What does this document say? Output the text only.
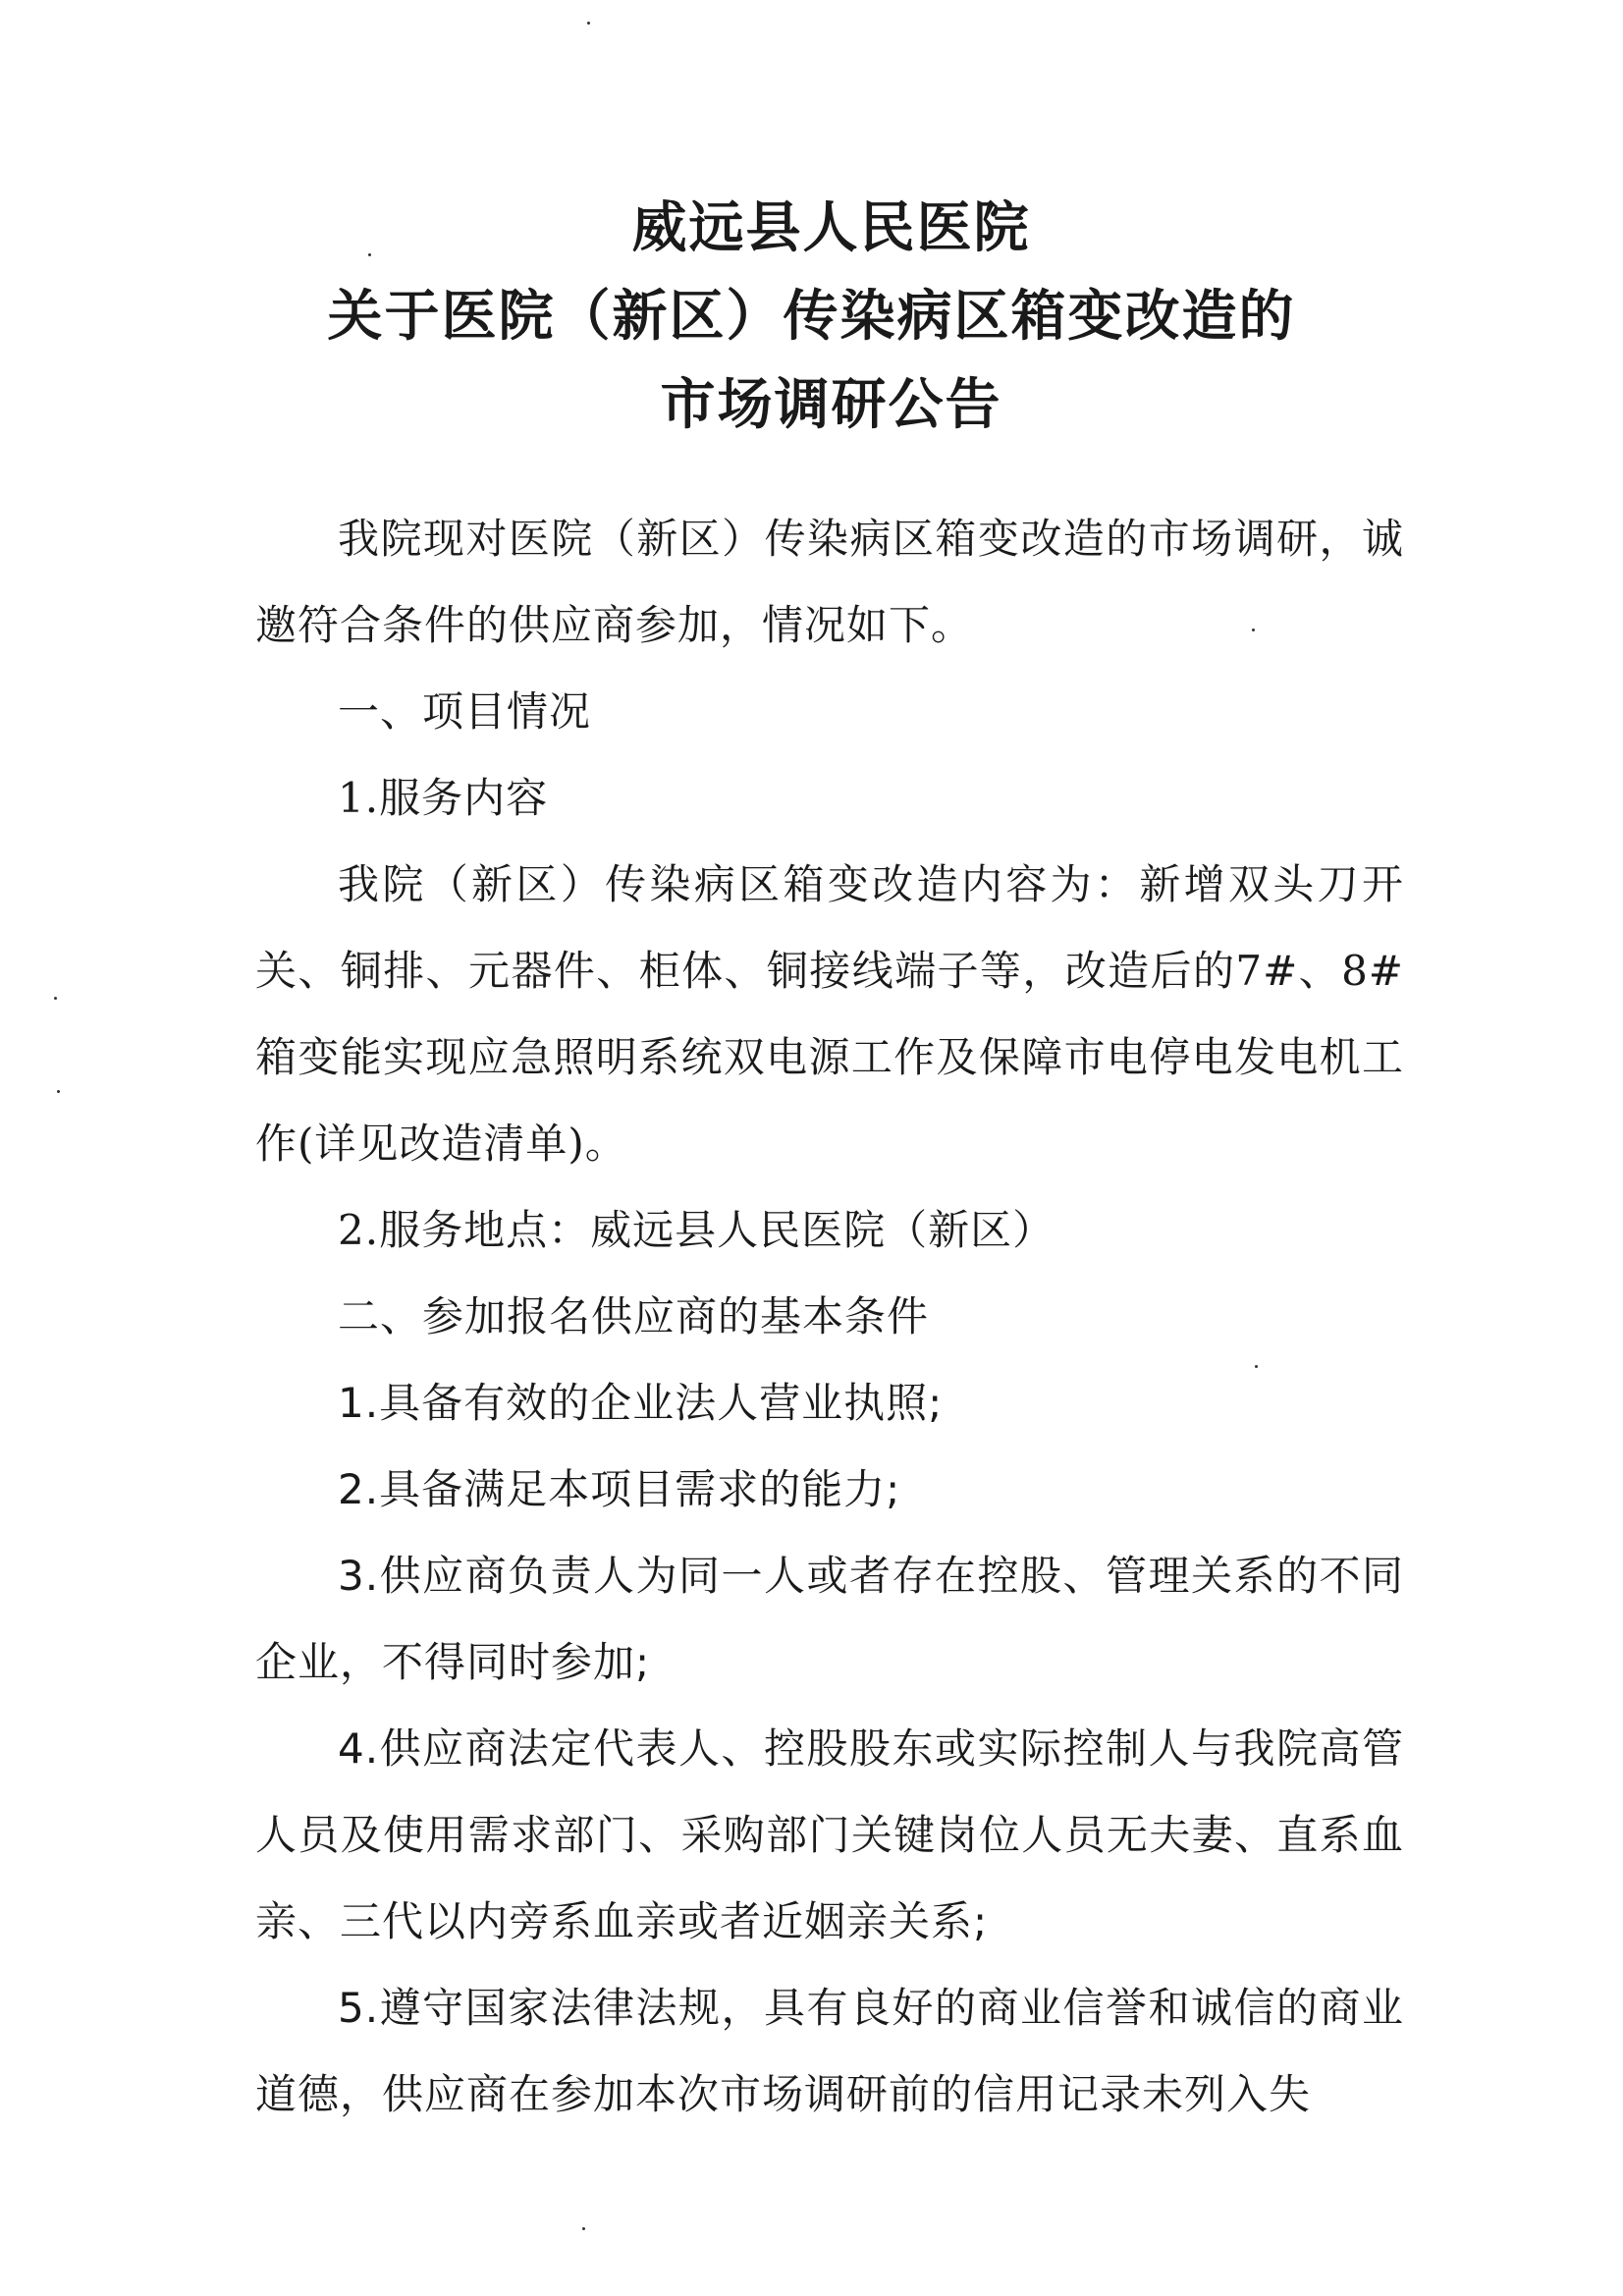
威远县人民医院
关于医院（新区）传染病区箱变改造的
市场调研公告

我院现对医院（新区）传染病区箱变改造的市场调研，诚邀符合条件的供应商参加，情况如下。

一、项目情况

1.服务内容

我院（新区）传染病区箱变改造内容为：新增双头刀开关、铜排、元器件、柜体、铜接线端子等，改造后的7#、8#箱变能实现应急照明系统双电源工作及保障市电停电发电机工作(详见改造清单)。

2.服务地点：威远县人民医院（新区）

二、参加报名供应商的基本条件

1.具备有效的企业法人营业执照;

2.具备满足本项目需求的能力;

3.供应商负责人为同一人或者存在控股、管理关系的不同企业，不得同时参加;

4.供应商法定代表人、控股股东或实际控制人与我院高管人员及使用需求部门、采购部门关键岗位人员无夫妻、直系血亲、三代以内旁系血亲或者近姻亲关系;

5.遵守国家法律法规，具有良好的商业信誉和诚信的商业道德，供应商在参加本次市场调研前的信用记录未列入失
